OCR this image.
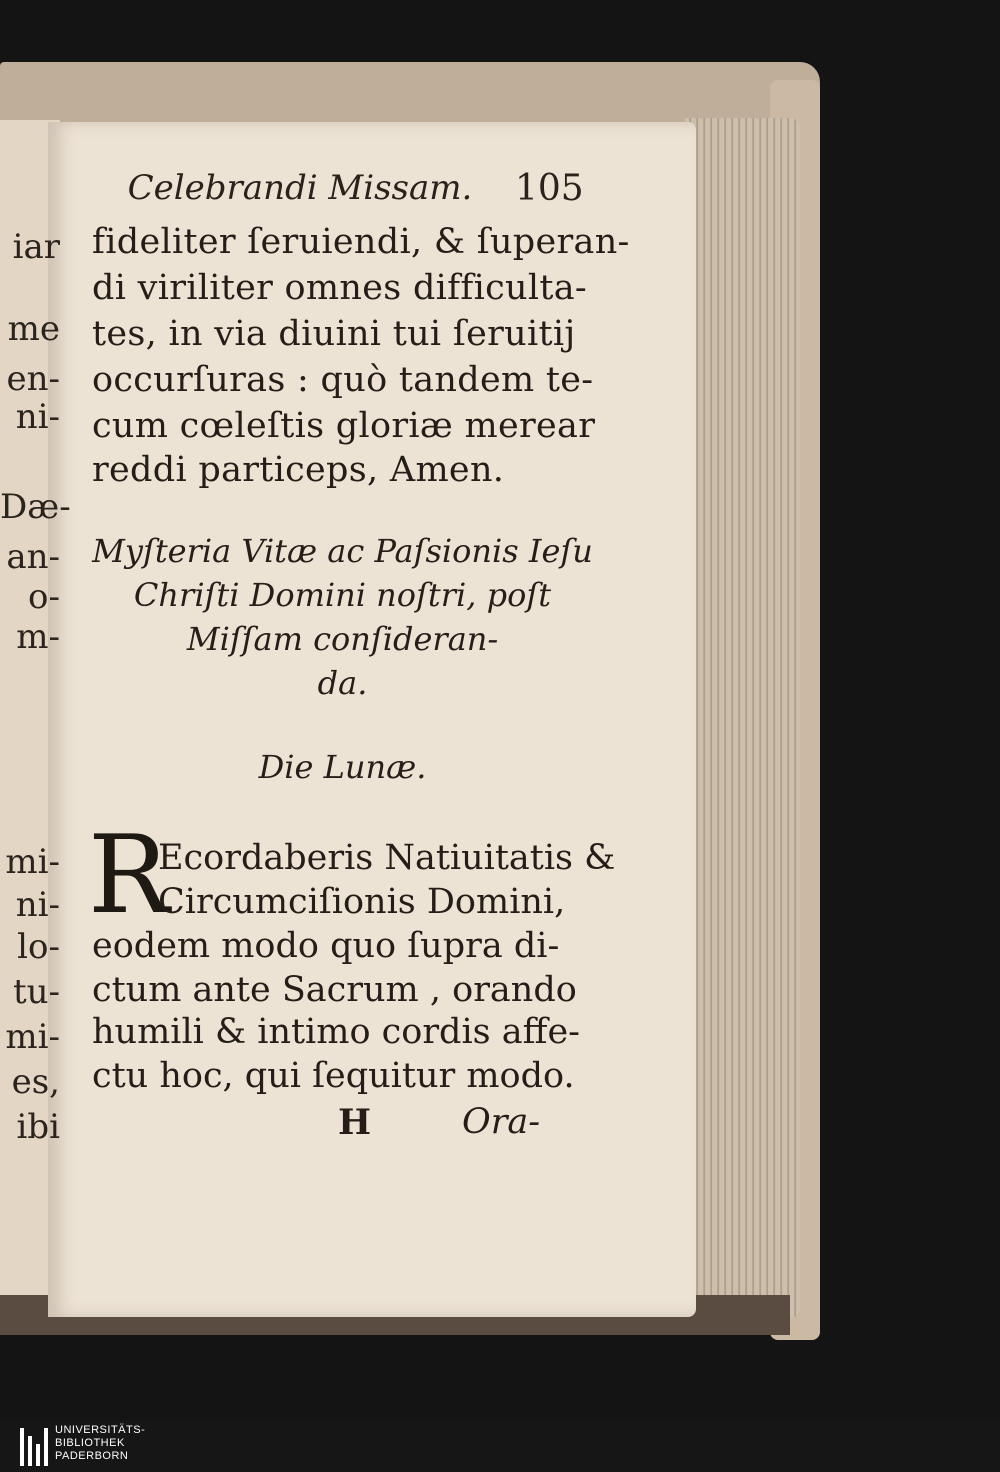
iar
me
en-
ni-
Dæ-
an-
o-
m-
mi-
ni-
lo-
tu-
mi-
es,
ibi
Celebrandi Missam.	105
fideliter ſeruiendi, & ſuperan-
di viriliter omnes difficulta-
tes, in via diuini tui ſeruitij
occurſuras : quò tandem te-
cum cœleſtis gloriæ merear
reddi particeps, Amen.
Myſteria Vitæ ac Paſsionis Ieſu
Chriſti Domini noſtri, poſt
Miſſam conſideran-
da.
Die Lunæ.
R
Ecordaberis Natiuitatis &
Circumciſionis Domini,
eodem modo quo ſupra di-
ctum ante Sacrum , orando
humili & intimo cordis affe-
ctu hoc, qui ſequitur modo.
H	Ora-
UNIVERSITÄTS-
BIBLIOTHEK
PADERBORN
